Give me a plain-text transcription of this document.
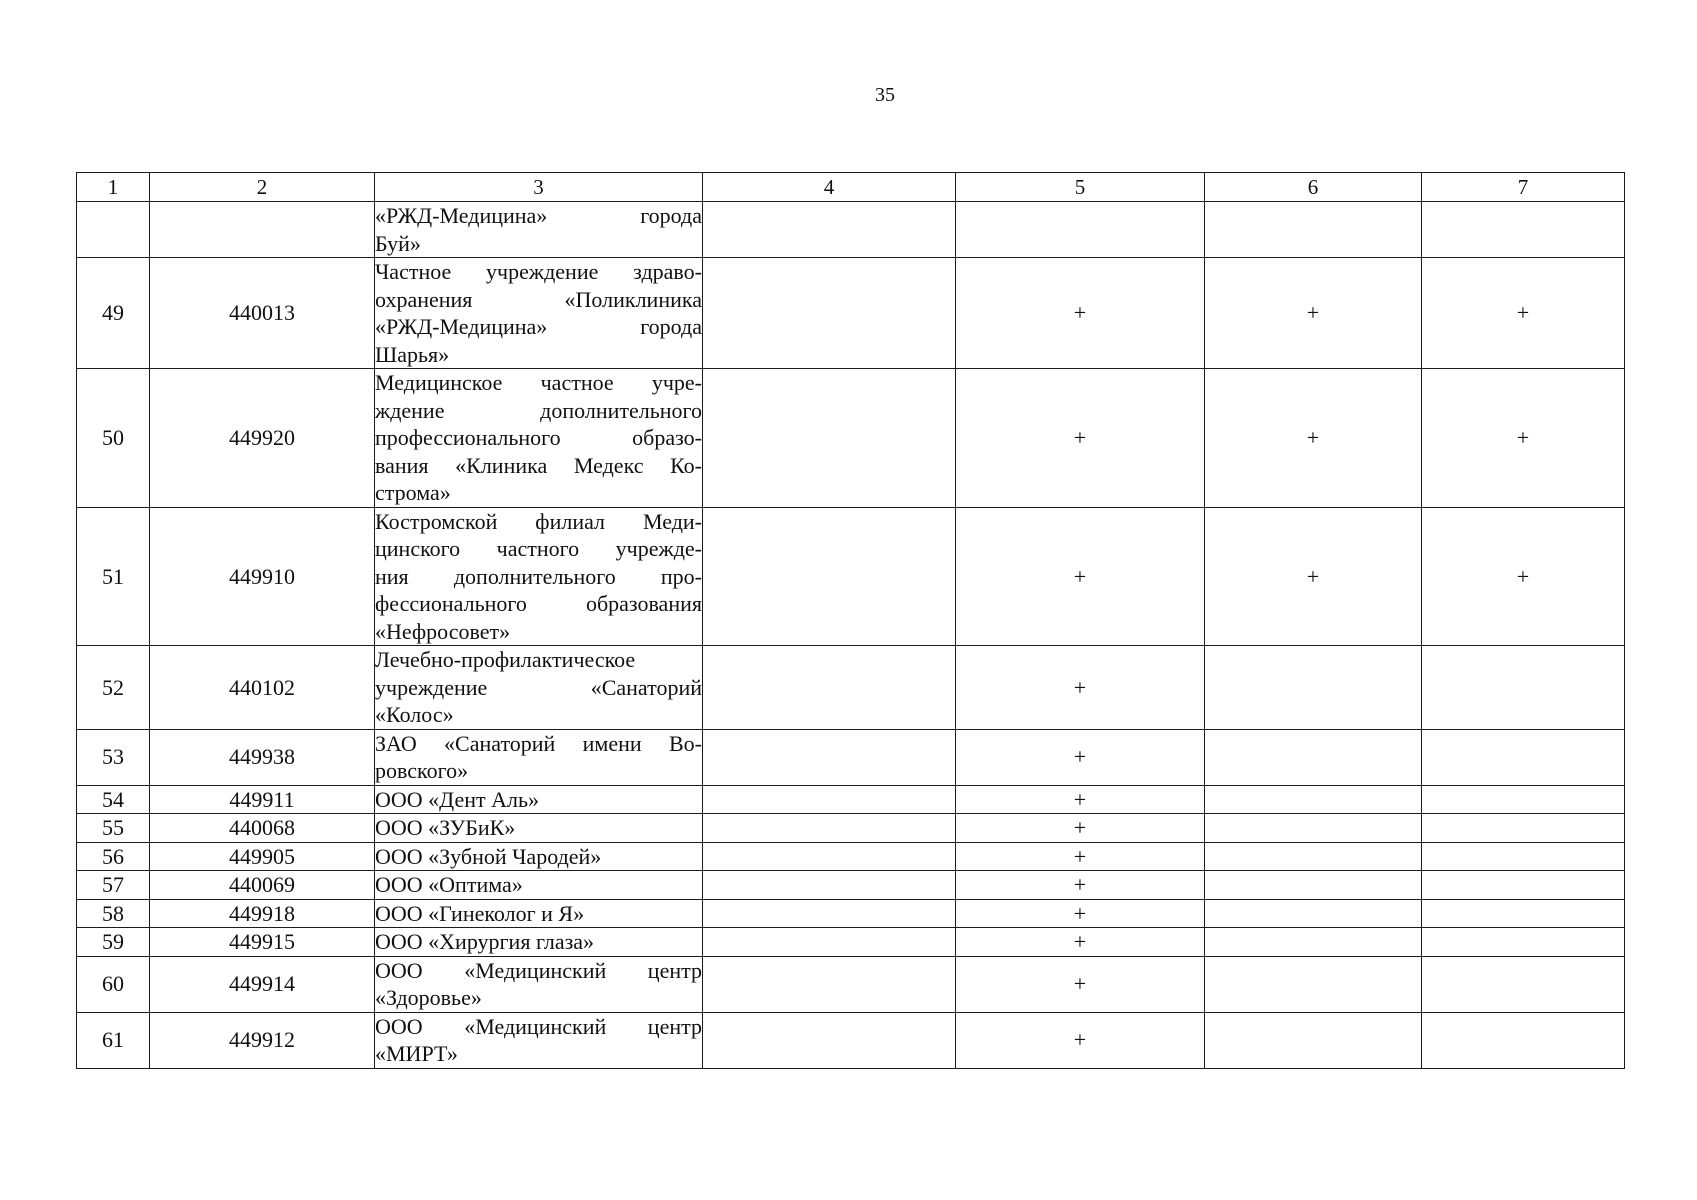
35
1	2	3	4	5	6	7

		«РЖД-Медицина» города
Буй»				

49	440013	Частное учреждение здраво-
охранения «Поликлиника
«РЖД-Медицина» города
Шарья»		+	+	+
50	449920	Медицинское частное учре-
ждение дополнительного
профессионального образо-
вания «Клиника Медекс Ко-
строма»		+	+	+
51	449910	Костромской филиал Меди-
цинского частного учрежде-
ния дополнительного про-
фессионального образования
«Нефросовет»		+	+	+
52	440102	Лечебно-профилактическое
учреждение «Санаторий
«Колос»		+		
53	449938	ЗАО «Санаторий имени Во-
ровского»		+		
54	449911	ООО «Дент Аль»		+		
55	440068	ООО «ЗУБиК»		+		
56	449905	ООО «Зубной Чародей»		+		
57	440069	ООО «Оптима»		+		
58	449918	ООО «Гинеколог и Я»		+		
59	449915	ООО «Хирургия глаза»		+		
60	449914	ООО «Медицинский центр
«Здоровье»		+		
61	449912	ООО «Медицинский центр
«МИРТ»		+		
